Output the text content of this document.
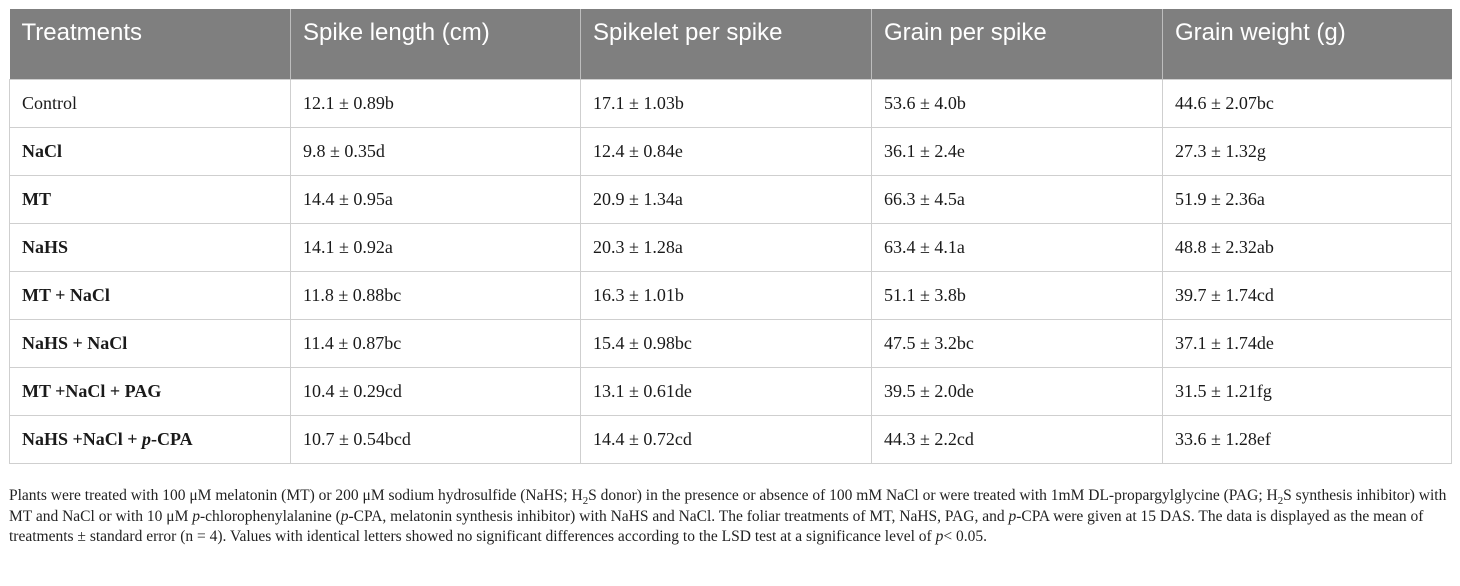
Treatments	Spike length (cm)	Spikelet per spike	Grain per spike	Grain weight (g)
Control	12.1 ± 0.89b	17.1 ± 1.03b	53.6 ± 4.0b	44.6 ± 2.07bc
NaCl	9.8 ± 0.35d	12.4 ± 0.84e	36.1 ± 2.4e	27.3 ± 1.32g
MT	14.4 ± 0.95a	20.9 ± 1.34a	66.3 ± 4.5a	51.9 ± 2.36a
NaHS	14.1 ± 0.92a	20.3 ± 1.28a	63.4 ± 4.1a	48.8 ± 2.32ab
MT + NaCl	11.8 ± 0.88bc	16.3 ± 1.01b	51.1 ± 3.8b	39.7 ± 1.74cd
NaHS + NaCl	11.4 ± 0.87bc	15.4 ± 0.98bc	47.5 ± 3.2bc	37.1 ± 1.74de
MT +NaCl + PAG	10.4 ± 0.29cd	13.1 ± 0.61de	39.5 ± 2.0de	31.5 ± 1.21fg
NaHS +NaCl + p-CPA	10.7 ± 0.54bcd	14.4 ± 0.72cd	44.3 ± 2.2cd	33.6 ± 1.28ef

Plants were treated with 100 μM melatonin (MT) or 200 μM sodium hydrosulfide (NaHS; $H_2S$ donor) in the presence or absence of 100 mM NaCl or were treated with 1mM DL-propargylglycine (PAG; $H_2S$ synthesis inhibitor) with MT and NaCl or with 10 μM p-chlorophenylalanine (p-CPA, melatonin synthesis inhibitor) with NaHS and NaCl. The foliar treatments of MT, NaHS, PAG, and p-CPA were given at 15 DAS. The data is displayed as the mean of treatments ± standard error (n = 4). Values with identical letters showed no significant differences according to the LSD test at a significance level of p< 0.05.
